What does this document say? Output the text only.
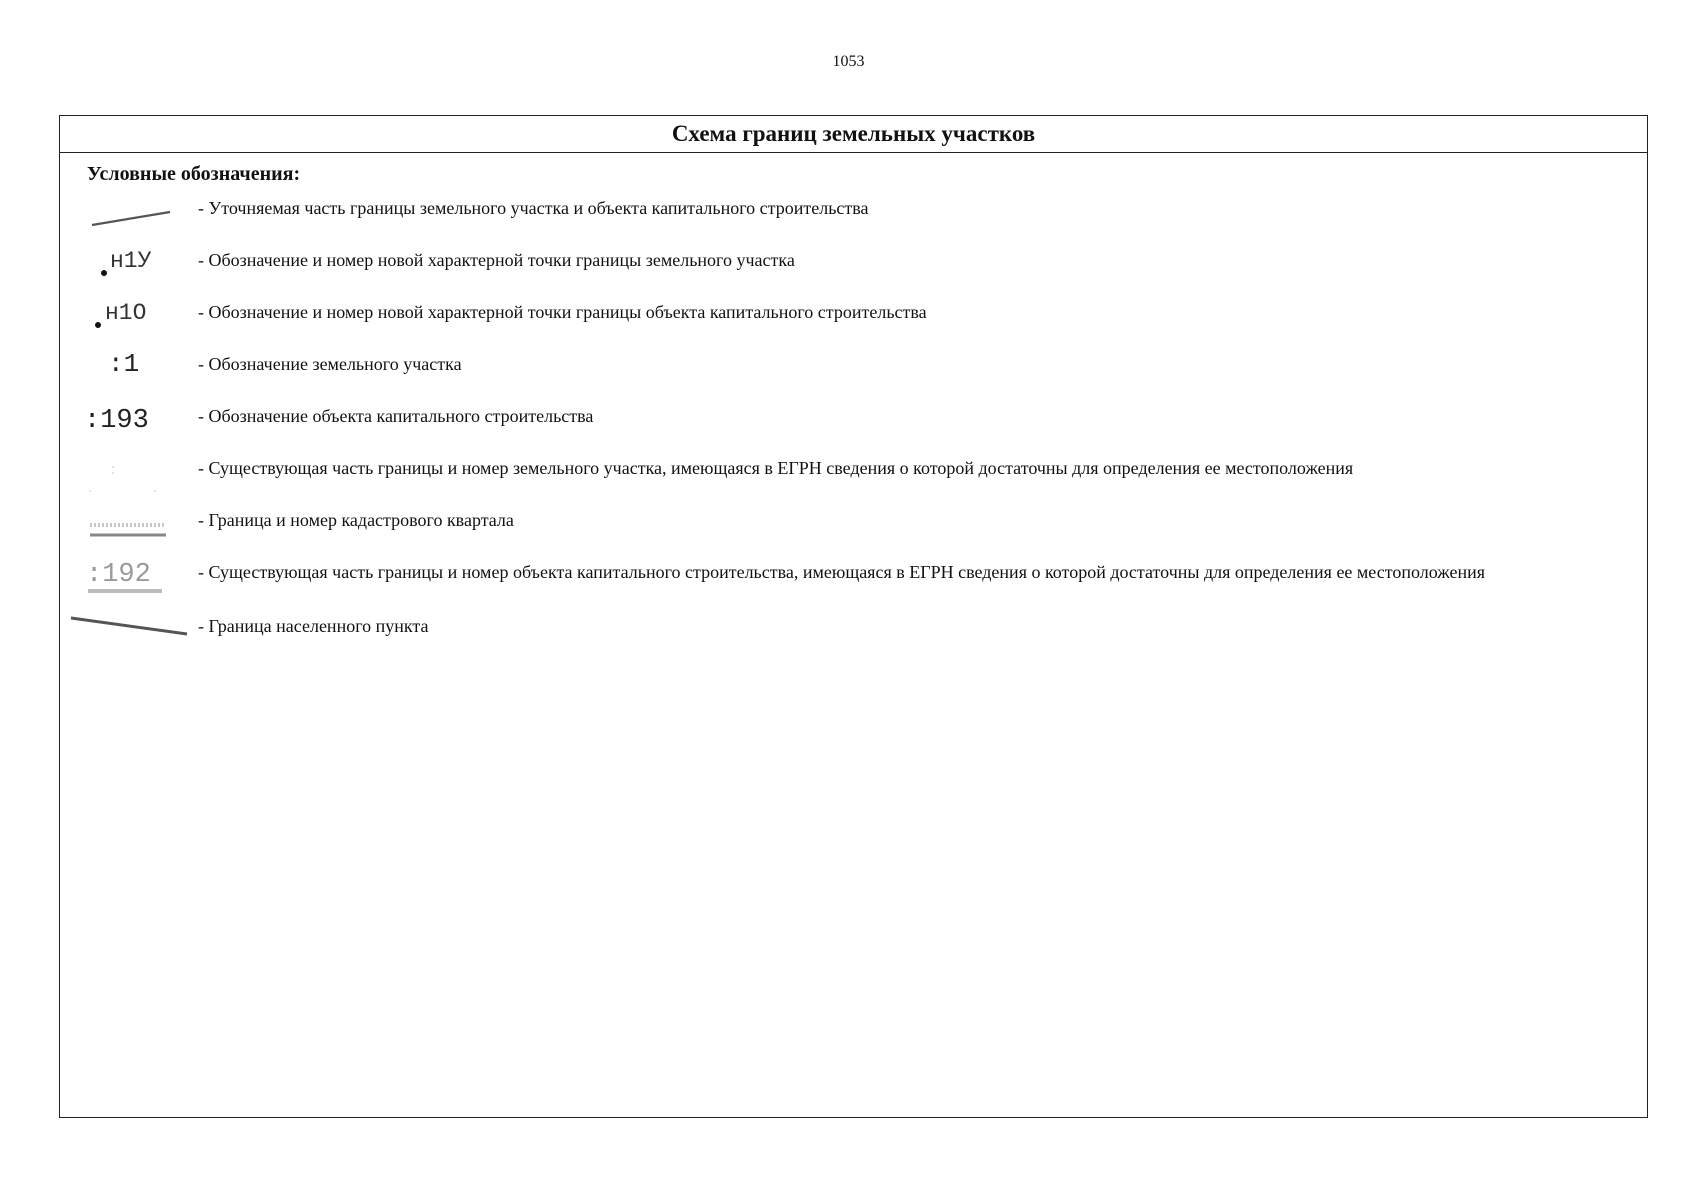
1053
Схема границ земельных участков
Условные обозначения:
- Уточняемая часть границы земельного участка и объекта капитального строительства
н1У	- Обозначение и номер новой характерной точки границы земельного участка
н1О	- Обозначение и номер новой характерной точки границы объекта капитального строительства
:1	- Обозначение земельного участка
:193	- Обозначение объекта капитального строительства
- Существующая часть границы и номер земельного участка, имеющаяся в ЕГРН сведения о которой достаточны для определения ее местоположения
- Граница и номер кадастрового квартала
:192	- Существующая часть границы и номер объекта капитального строительства, имеющаяся в ЕГРН сведения о которой достаточны для определения ее местоположения
- Граница населенного пункта
